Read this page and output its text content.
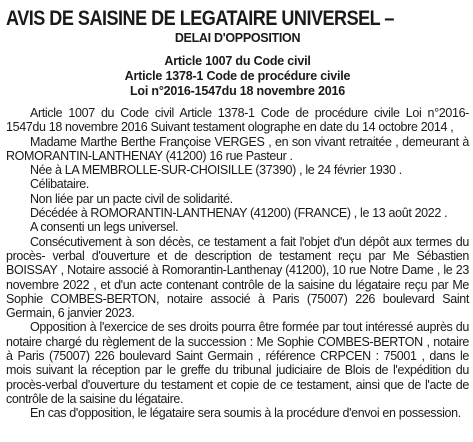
AVIS DE SAISINE DE LEGATAIRE UNIVERSEL –
DELAI D'OPPOSITION
Article 1007 du Code civil
Article 1378-1 Code de procédure civile
Loi n°2016-1547du 18 novembre 2016

Article 1007 du Code civil Article 1378-1 Code de procédure civile Loi n°2016-1547du 18 novembre 2016 Suivant testament olographe en date du 14 octobre 2014 ,

Madame Marthe Berthe Françoise VERGES , en son vivant retraitée , demeurant à ROMORANTIN-LANTHENAY (41200) 16 rue Pasteur .

Née à LA MEMBROLLE-SUR-CHOISILLE (37390) , le 24 février 1930 .

Célibataire.

Non liée par un pacte civil de solidarité.

Décédée à ROMORANTIN-LANTHENAY (41200) (FRANCE) , le 13 août 2022 .

A consenti un legs universel.

Consécutivement à son décès, ce testament a fait l'objet d'un dépôt aux termes du procès- verbal d'ouverture et de description de testament reçu par Me Sébastien BOISSAY , Notaire associé à Romorantin-Lanthenay (41200), 10 rue Notre Dame , le 23 novembre 2022 , et d'un acte contenant contrôle de la saisine du légataire reçu par Me Sophie COMBES-BERTON, notaire associé à Paris (75007) 226 boulevard Saint Germain, 6 janvier 2023.

Opposition à l'exercice de ses droits pourra être formée par tout intéressé auprès du notaire chargé du règlement de la succession : Me Sophie COMBES-BERTON , notaire à Paris (75007) 226 boulevard Saint Germain , référence CRPCEN : 75001 , dans le mois suivant la réception par le greffe du tribunal judiciaire de Blois de l'expédition du procès-verbal d'ouverture du testament et copie de ce testament, ainsi que de l'acte de contrôle de la saisine du légataire.

En cas d'opposition, le légataire sera soumis à la procédure d'envoi en possession.
